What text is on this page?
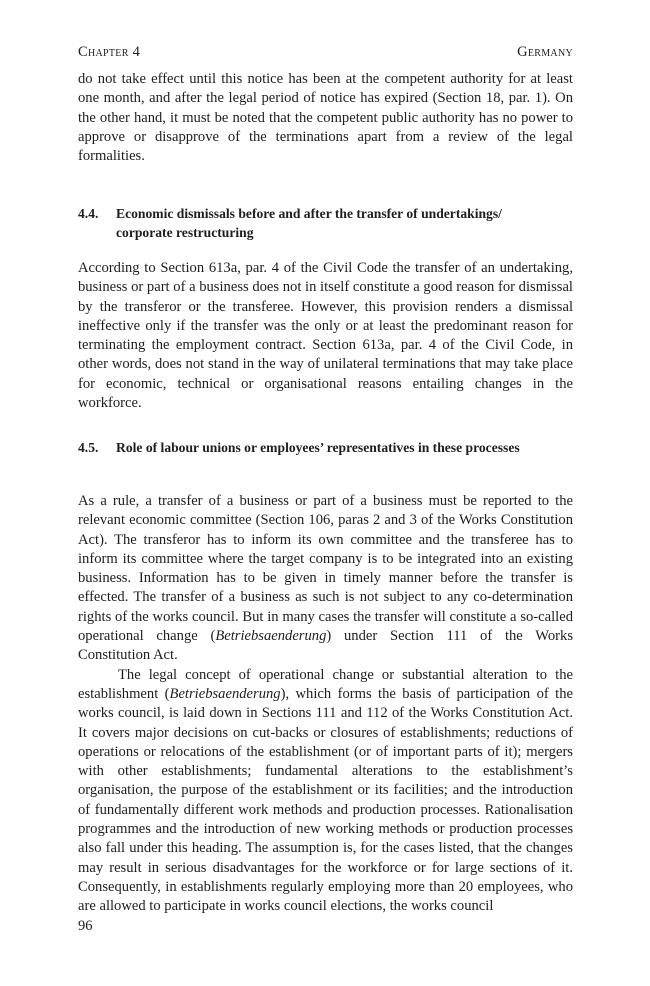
Chapter 4	Germany

do not take effect until this notice has been at the competent authority for at least one month, and after the legal period of notice has expired (Section 18, par. 1). On the other hand, it must be noted that the competent public authority has no power to approve or disapprove of the terminations apart from a review of the legal formalities.

4.4.	Economic dismissals before and after the transfer of undertakings/ corporate restructuring

According to Section 613a, par. 4 of the Civil Code the transfer of an undertaking, business or part of a business does not in itself constitute a good reason for dismissal by the transferor or the transferee. However, this provision renders a dismissal ineffective only if the transfer was the only or at least the predominant reason for terminating the employment contract. Section 613a, par. 4 of the Civil Code, in other words, does not stand in the way of unilateral terminations that may take place for economic, technical or organisational reasons entailing changes in the workforce.

4.5.	Role of labour unions or employees’ representatives in these processes

As a rule, a transfer of a business or part of a business must be reported to the relevant economic committee (Section 106, paras 2 and 3 of the Works Constitution Act). The transferor has to inform its own committee and the transferee has to inform its committee where the target company is to be integrated into an existing business. Information has to be given in timely manner before the transfer is effected. The transfer of a business as such is not subject to any co-determination rights of the works council. But in many cases the transfer will constitute a so-called operational change (Betriebsaenderung) under Section 111 of the Works Constitution Act.

The legal concept of operational change or substantial alteration to the establishment (Betriebsaenderung), which forms the basis of participation of the works council, is laid down in Sections 111 and 112 of the Works Constitution Act. It covers major decisions on cut-backs or closures of establishments; reductions of operations or relocations of the establishment (or of important parts of it); mergers with other establishments; fundamental alterations to the establishment’s organisation, the purpose of the establishment or its facilities; and the introduction of fundamentally different work methods and production processes. Rationalisation programmes and the introduction of new working methods or production processes also fall under this heading. The assumption is, for the cases listed, that the changes may result in serious disadvantages for the workforce or for large sections of it. Consequently, in establishments regularly employing more than 20 employees, who are allowed to participate in works council elections, the works council

96
